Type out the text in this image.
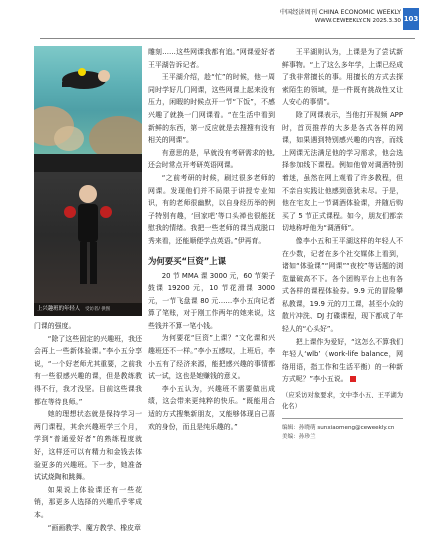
中国经济周刊 CHINA ECONOMIC WEEKLY
WWW.CEWEEKLY.CN 2025.3.30 103
上兴趣班的年轻人 受访者/ 供图

门课的强度。

“除了这些固定的兴趣班，我还会再上一些新体验课。”李小五分享说，“一个好老师尤其重要，之前我有一些很感兴趣的课，但是教练教得不行，我才没坚。目前这些课我都在等待良师。”

她的理想状态就是保持学习一两门课程，其余兴趣班学三个月，学到“普通爱好者”的熟练程度就好，这样还可以有精力和金钱去体验更多的兴趣班。下一步，她准备试试烧陶和跳舞。

如果说上体验课还有一些花销，那更多人选择的兴趣爪乎零成本。

“画画教学、魔方教学、橡皮章

雕刻……这些网课我都有追。”网课爱好者王平湖告诉记者。

王平湖介绍，趁“忙”的时候，他一周同时学好几门网课，这些网课上起来没有压力，闲暇的时候点开一节“下饭”，不感兴趣了就换一门网课看。“在生活中看到新鲜的东西，第一反应就是去搜搜有没有相关的网课”。

有意思的是，早就没有考研需求的他,还会时常点开考研英语网课。

“之前考研的时候，刷过很多老师的网课。发现他们并不局限于讲授专业知识，有的老师很幽默，以自身经历举的例子特别有趣，‘回家吧’等口头禅也很能抚慰我的情绪。我把一些老师的课当成脱口秀来看，还能顺便学点英语。”伊再育。

为何要买“巨资”上课

20 节 MMA 课 3000 元，60 节架子鼓课 19200 元，10 节花滑课 3000 元，一节飞盘课 80 元……李小五向记者算了笔账，对于刚工作两年的她来说，这些钱并不算一笔小钱。

为何要花“巨资”上课？“文化课和兴趣班还不一样。”李小五感叹，上班后，李小五有了经济来源，能把感兴趣的事情都试一试，这也是她赚钱的意义。

李小五认为，兴趣班不需要做出成绩，这会带来更纯粹的快乐。“既能用合适的方式搜集新朋友，又能够体现自己喜欢的身份，而且是纯乐趣的。”

王平湖则认为，上课是为了尝试新鲜事物。“上了这么多年学，上课已经成了我非常擅长的事。用擅长的方式去探索陌生的领域，是一件既有挑战性又让人安心的事情”。

除了网课表示，当他打开视频 APP 时，首页推荐的大多是各式各样的网课，如果遇到特别感兴趣的内容，而线上网课无法满足他的学习需求，他会选择参加线下课程。例如他曾对调酒特别着迷，虽然在网上观看了许多教程，但不亲自实践让他感到意犹未尽。于是，他在宅友上一节调酒体验课，并随后购买了 5 节正式课程。如今，朋友们都亲切地称呼他为“调酒师”。

像李小五和王平湖这样的年轻人不在少数，记者在多个社交媒体上看到，诸如“体验课”“网课”“夜校”等话题的浏览量破高不下。各个团购平台上也有各式各样的课程体验券。9.9 元的冒险攀私教课，19.9 元的刀工课，甚至小众的散片冲洗、DJ 打碟课程，现下都成了年轻人的“心头好”。

把上课作为爱好，“这怎么不算我们年轻人‘wlb’（work-life balance，网络用语，指工作和生活平衡）的一种新方式呢？”李小五说。

（应采访对象要求，文中李小五、王平湖为化名）

编辑：孙晓萌 sunxiaomeng@ceweekly.cn
美编：孙珍兰
